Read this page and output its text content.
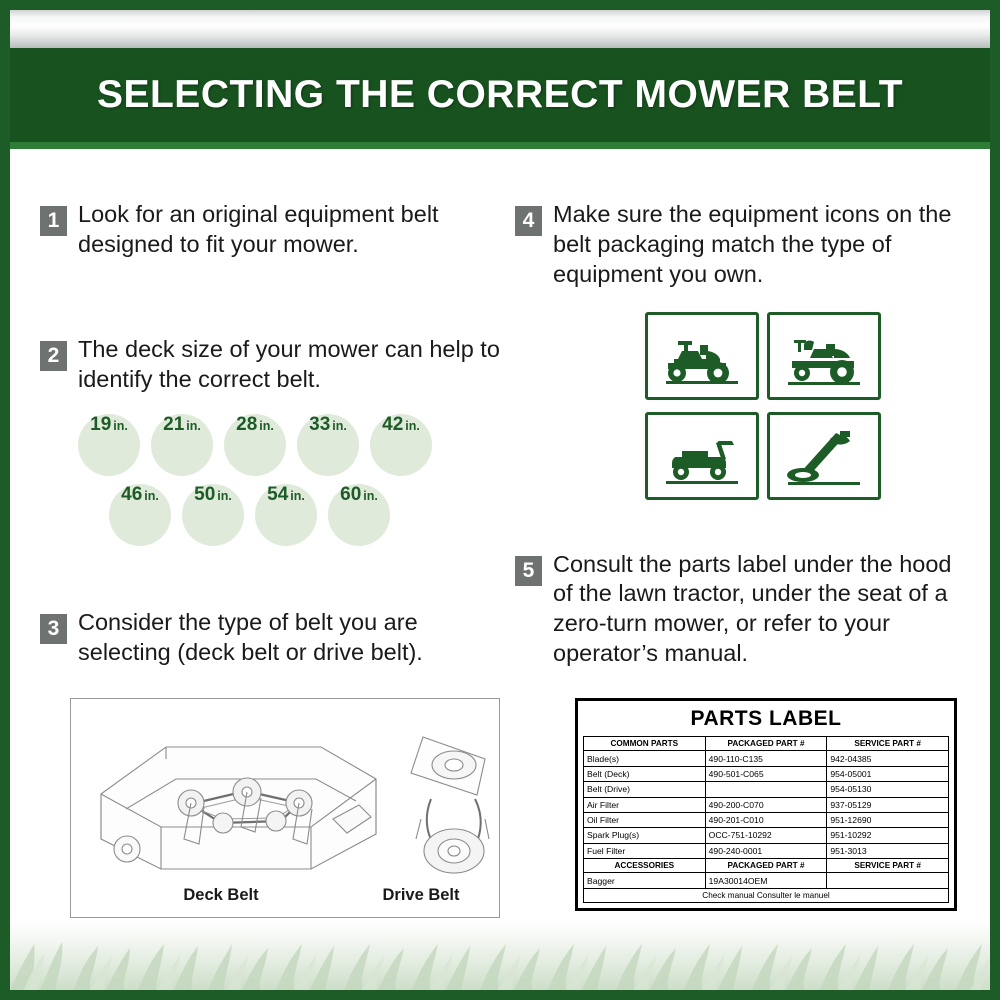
SELECTING THE CORRECT MOWER BELT
1 Look for an original equipment belt designed to fit your mower.
2 The deck size of your mower can help to identify the correct belt.
19 in. 21 in. 28 in. 33 in. 42 in.
46 in. 50 in. 54 in. 60 in.
3 Consider the type of belt you are selecting (deck belt or drive belt).
4 Make sure the equipment icons on the belt packaging match the type of equipment you own.
5 Consult the parts label under the hood of the lawn tractor, under the seat of a zero-turn mower, or refer to your operator’s manual.
Deck Belt	Drive Belt
PARTS LABEL
COMMON PARTS	PACKAGED PART #	SERVICE PART #
Blade(s)	490-110-C135	942-04385
Belt (Deck)	490-501-C065	954-05001
Belt (Drive)		954-05130
Air Filter	490-200-C070	937-05129
Oil Filter	490-201-C010	951-12690
Spark Plug(s)	OCC-751-10292	951-10292
Fuel Filter	490-240-0001	951-3013
ACCESSORIES	PACKAGED PART #	SERVICE PART #
Bagger	19A30014OEM	
Check manual Consulter le manuel		
